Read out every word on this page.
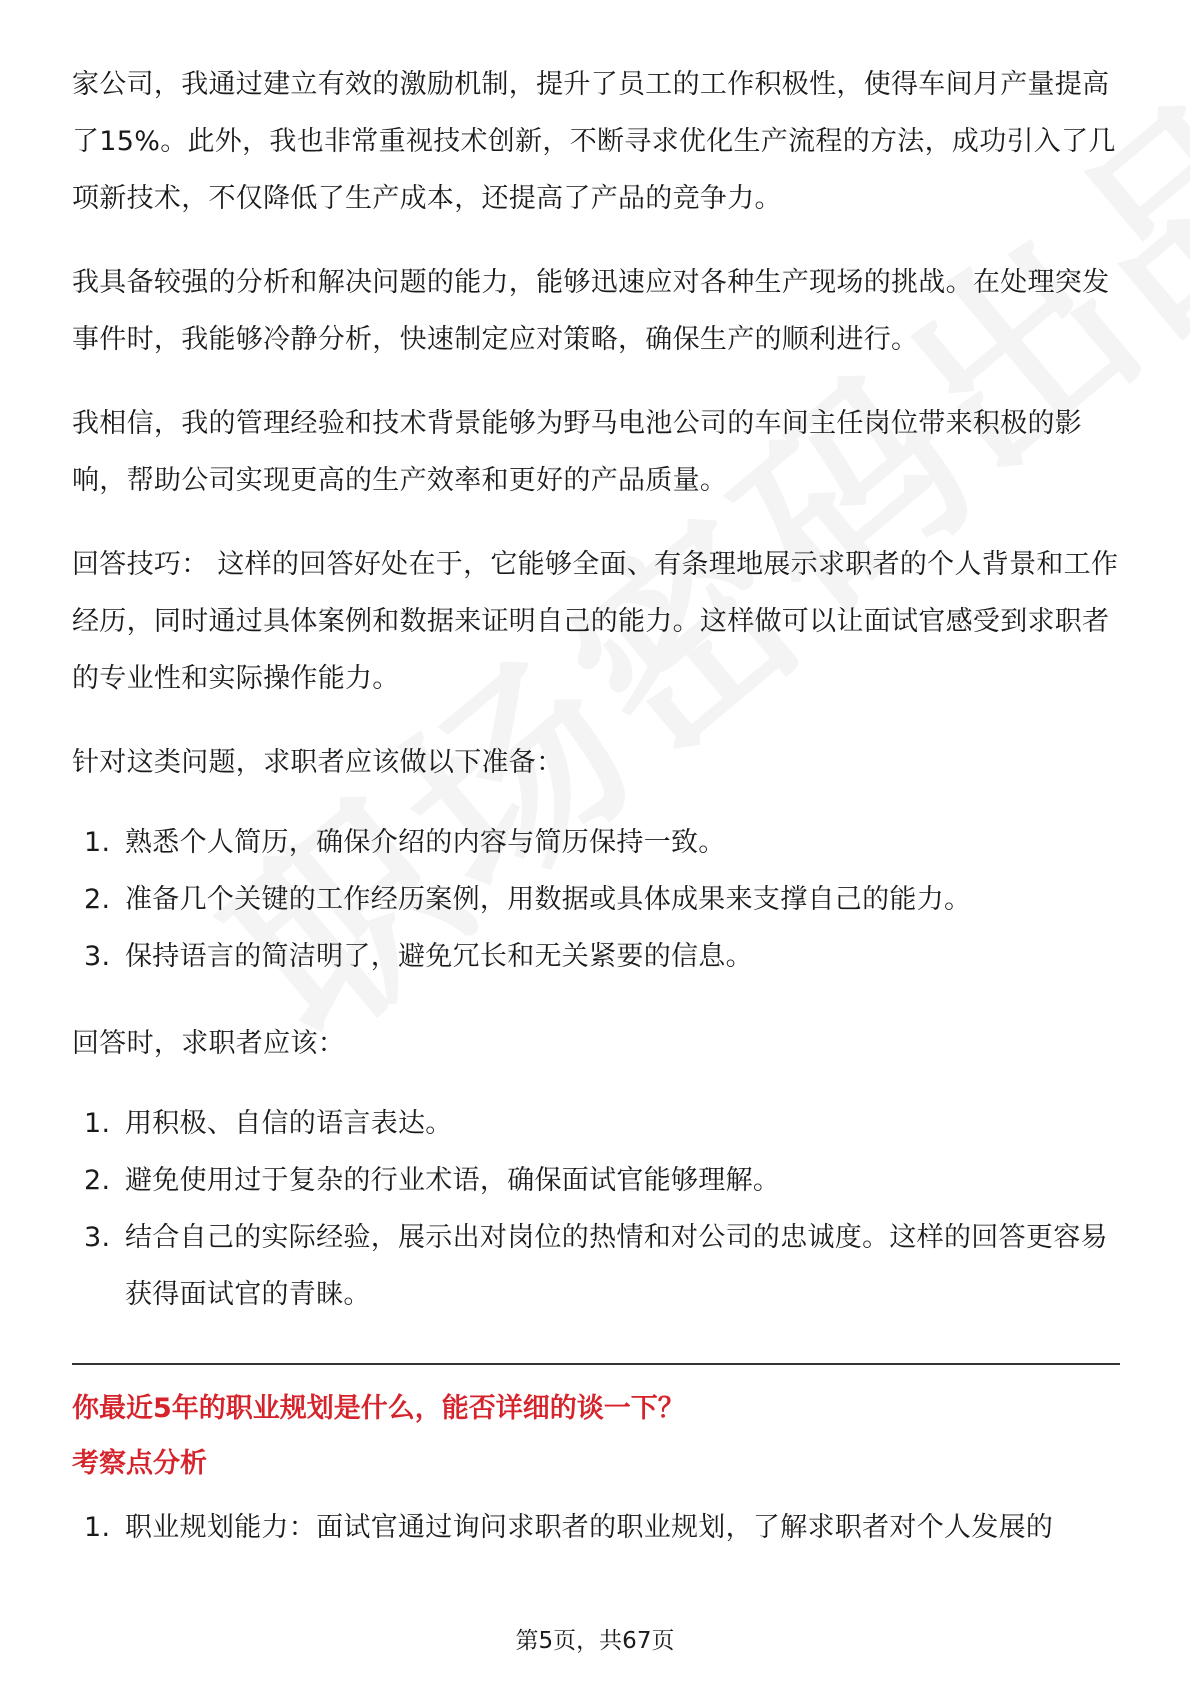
家公司，我通过建立有效的激励机制，提升了员工的工作积极性，使得车间月产量提高了15%。此外，我也非常重视技术创新，不断寻求优化生产流程的方法，成功引入了几项新技术，不仅降低了生产成本，还提高了产品的竞争力。

我具备较强的分析和解决问题的能力，能够迅速应对各种生产现场的挑战。在处理突发事件时，我能够冷静分析，快速制定应对策略，确保生产的顺利进行。

我相信，我的管理经验和技术背景能够为野马电池公司的车间主任岗位带来积极的影响，帮助公司实现更高的生产效率和更好的产品质量。

回答技巧： 这样的回答好处在于，它能够全面、有条理地展示求职者的个人背景和工作经历，同时通过具体案例和数据来证明自己的能力。这样做可以让面试官感受到求职者的专业性和实际操作能力。

针对这类问题，求职者应该做以下准备：

1. 熟悉个人简历，确保介绍的内容与简历保持一致。
2. 准备几个关键的工作经历案例，用数据或具体成果来支撑自己的能力。
3. 保持语言的简洁明了，避免冗长和无关紧要的信息。

回答时，求职者应该：

1. 用积极、自信的语言表达。
2. 避免使用过于复杂的行业术语，确保面试官能够理解。
3. 结合自己的实际经验，展示出对岗位的热情和对公司的忠诚度。这样的回答更容易获得面试官的青睐。
你最近5年的职业规划是什么，能否详细的谈一下？
考察点分析
1. 职业规划能力：面试官通过询问求职者的职业规划，了解求职者对个人发展的
第5页，共67页
